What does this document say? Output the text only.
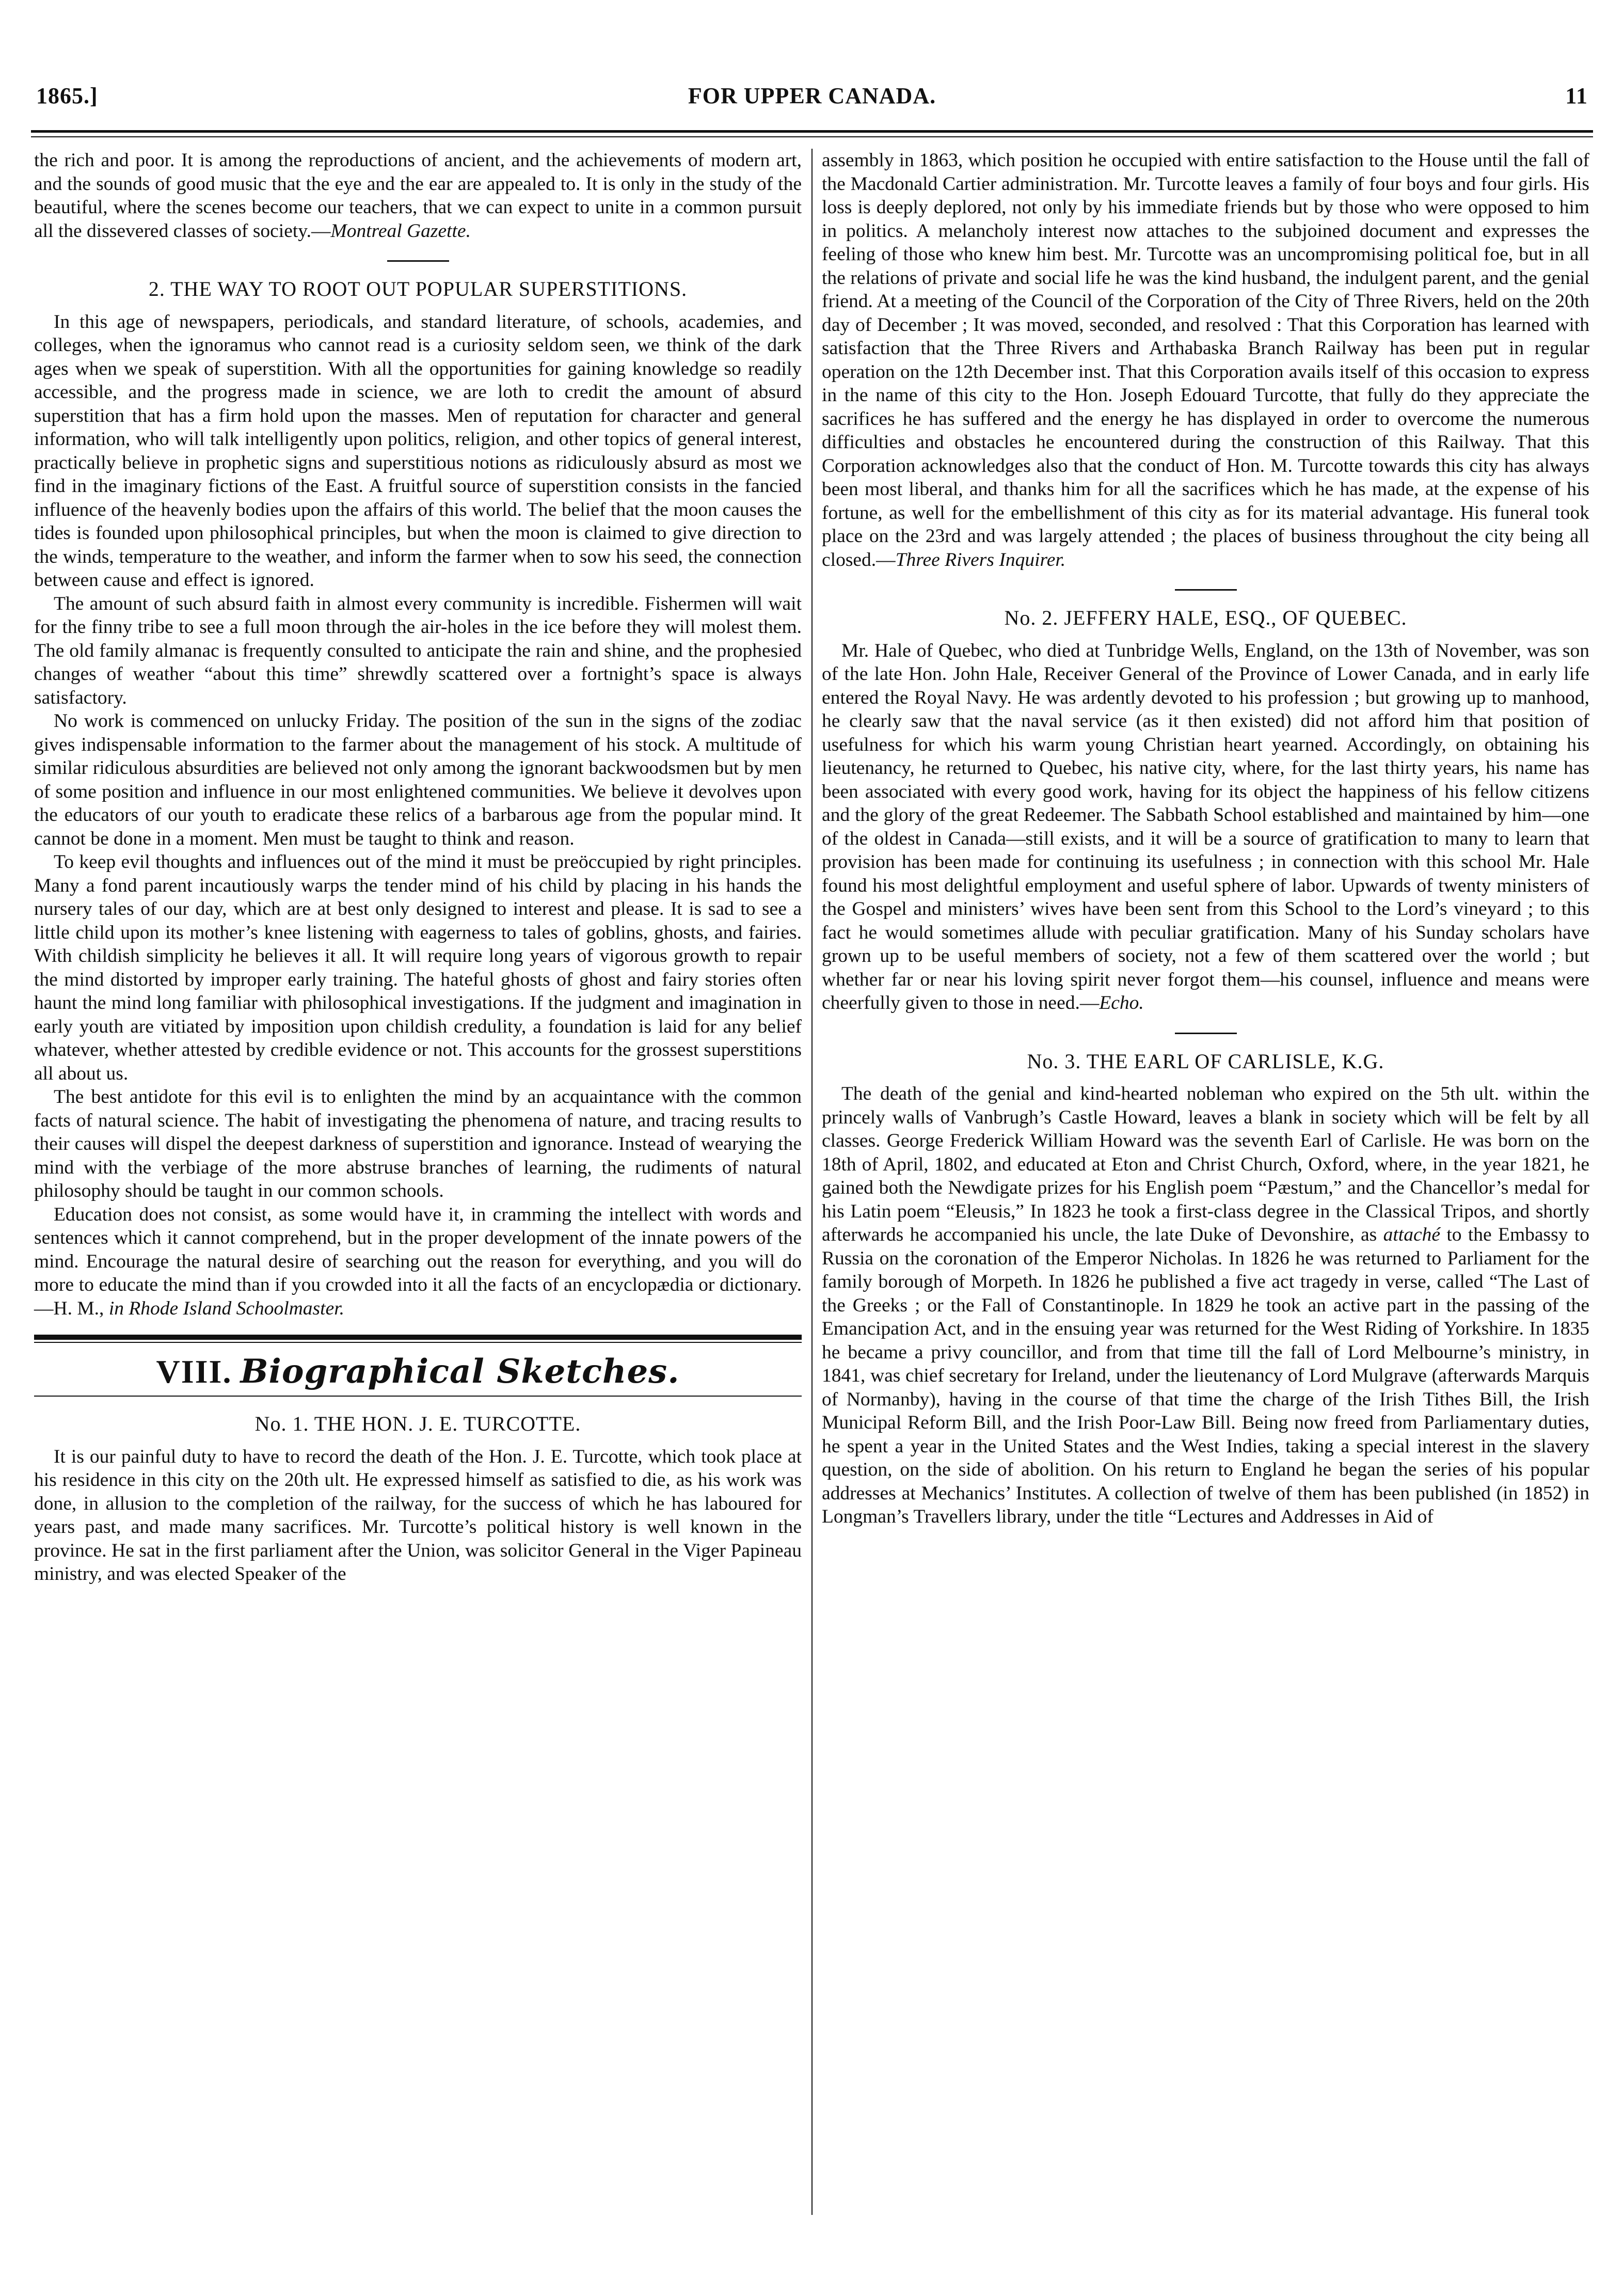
1865.]	FOR UPPER CANADA.	11

the rich and poor. It is among the reproductions of ancient, and the achievements of modern art, and the sounds of good music that the eye and the ear are appealed to. It is only in the study of the beautiful, where the scenes become our teachers, that we can expect to unite in a common pursuit all the dissevered classes of society.—Montreal Gazette.

2. THE WAY TO ROOT OUT POPULAR SUPERSTITIONS.

In this age of newspapers, periodicals, and standard literature, of schools, academies, and colleges, when the ignoramus who cannot read is a curiosity seldom seen, we think of the dark ages when we speak of superstition. With all the opportunities for gaining knowledge so readily accessible, and the progress made in science, we are loth to credit the amount of absurd superstition that has a firm hold upon the masses. Men of reputation for character and general information, who will talk intelligently upon politics, religion, and other topics of general interest, practically believe in prophetic signs and superstitious notions as ridiculously absurd as most we find in the imaginary fictions of the East. A fruitful source of superstition consists in the fancied influence of the heavenly bodies upon the affairs of this world. The belief that the moon causes the tides is founded upon philosophical principles, but when the moon is claimed to give direction to the winds, temperature to the weather, and inform the farmer when to sow his seed, the connection between cause and effect is ignored.

The amount of such absurd faith in almost every community is incredible. Fishermen will wait for the finny tribe to see a full moon through the air-holes in the ice before they will molest them. The old family almanac is frequently consulted to anticipate the rain and shine, and the prophesied changes of weather “about this time” shrewdly scattered over a fortnight’s space is always satisfactory.

No work is commenced on unlucky Friday. The position of the sun in the signs of the zodiac gives indispensable information to the farmer about the management of his stock. A multitude of similar ridiculous absurdities are believed not only among the ignorant backwoodsmen but by men of some position and influence in our most enlightened communities. We believe it devolves upon the educators of our youth to eradicate these relics of a barbarous age from the popular mind. It cannot be done in a moment. Men must be taught to think and reason.

To keep evil thoughts and influences out of the mind it must be preöccupied by right principles. Many a fond parent incautiously warps the tender mind of his child by placing in his hands the nursery tales of our day, which are at best only designed to interest and please. It is sad to see a little child upon its mother’s knee listening with eagerness to tales of goblins, ghosts, and fairies. With childish simplicity he believes it all. It will require long years of vigorous growth to repair the mind distorted by improper early training. The hateful ghosts of ghost and fairy stories often haunt the mind long familiar with philosophical investigations. If the judgment and imagination in early youth are vitiated by imposition upon childish credulity, a foundation is laid for any belief whatever, whether attested by credible evidence or not. This accounts for the grossest superstitions all about us.

The best antidote for this evil is to enlighten the mind by an acquaintance with the common facts of natural science. The habit of investigating the phenomena of nature, and tracing results to their causes will dispel the deepest darkness of superstition and ignorance. Instead of wearying the mind with the verbiage of the more abstruse branches of learning, the rudiments of natural philosophy should be taught in our common schools.

Education does not consist, as some would have it, in cramming the intellect with words and sentences which it cannot comprehend, but in the proper development of the innate powers of the mind. Encourage the natural desire of searching out the reason for everything, and you will do more to educate the mind than if you crowded into it all the facts of an encyclopædia or dictionary.—H. M., in Rhode Island Schoolmaster.

VIII. Biographical Sketches.
No. 1. THE HON. J. E. TURCOTTE.

It is our painful duty to have to record the death of the Hon. J. E. Turcotte, which took place at his residence in this city on the 20th ult. He expressed himself as satisfied to die, as his work was done, in allusion to the completion of the railway, for the success of which he has laboured for years past, and made many sacrifices. Mr. Turcotte’s political history is well known in the province. He sat in the first parliament after the Union, was solicitor General in the Viger Papineau ministry, and was elected Speaker of the

assembly in 1863, which position he occupied with entire satisfaction to the House until the fall of the Macdonald Cartier administration. Mr. Turcotte leaves a family of four boys and four girls. His loss is deeply deplored, not only by his immediate friends but by those who were opposed to him in politics. A melancholy interest now attaches to the subjoined document and expresses the feeling of those who knew him best. Mr. Turcotte was an uncompromising political foe, but in all the relations of private and social life he was the kind husband, the indulgent parent, and the genial friend. At a meeting of the Council of the Corporation of the City of Three Rivers, held on the 20th day of December ; It was moved, seconded, and resolved : That this Corporation has learned with satisfaction that the Three Rivers and Arthabaska Branch Railway has been put in regular operation on the 12th December inst. That this Corporation avails itself of this occasion to express in the name of this city to the Hon. Joseph Edouard Turcotte, that fully do they appreciate the sacrifices he has suffered and the energy he has displayed in order to overcome the numerous difficulties and obstacles he encountered during the construction of this Railway. That this Corporation acknowledges also that the conduct of Hon. M. Turcotte towards this city has always been most liberal, and thanks him for all the sacrifices which he has made, at the expense of his fortune, as well for the embellishment of this city as for its material advantage. His funeral took place on the 23rd and was largely attended ; the places of business throughout the city being all closed.—Three Rivers Inquirer.

No. 2. JEFFERY HALE, ESQ., OF QUEBEC.

Mr. Hale of Quebec, who died at Tunbridge Wells, England, on the 13th of November, was son of the late Hon. John Hale, Receiver General of the Province of Lower Canada, and in early life entered the Royal Navy. He was ardently devoted to his profession ; but growing up to manhood, he clearly saw that the naval service (as it then existed) did not afford him that position of usefulness for which his warm young Christian heart yearned. Accordingly, on obtaining his lieutenancy, he returned to Quebec, his native city, where, for the last thirty years, his name has been associated with every good work, having for its object the happiness of his fellow citizens and the glory of the great Redeemer. The Sabbath School established and maintained by him—one of the oldest in Canada—still exists, and it will be a source of gratification to many to learn that provision has been made for continuing its usefulness ; in connection with this school Mr. Hale found his most delightful employment and useful sphere of labor. Upwards of twenty ministers of the Gospel and ministers’ wives have been sent from this School to the Lord’s vineyard ; to this fact he would sometimes allude with peculiar gratification. Many of his Sunday scholars have grown up to be useful members of society, not a few of them scattered over the world ; but whether far or near his loving spirit never forgot them—his counsel, influence and means were cheerfully given to those in need.—Echo.

No. 3. THE EARL OF CARLISLE, K.G.

The death of the genial and kind-hearted nobleman who expired on the 5th ult. within the princely walls of Vanbrugh’s Castle Howard, leaves a blank in society which will be felt by all classes. George Frederick William Howard was the seventh Earl of Carlisle. He was born on the 18th of April, 1802, and educated at Eton and Christ Church, Oxford, where, in the year 1821, he gained both the Newdigate prizes for his English poem “Pæstum,” and the Chancellor’s medal for his Latin poem “Eleusis,” In 1823 he took a first-class degree in the Classical Tripos, and shortly afterwards he accompanied his uncle, the late Duke of Devonshire, as attaché to the Embassy to Russia on the coronation of the Emperor Nicholas. In 1826 he was returned to Parliament for the family borough of Morpeth. In 1826 he published a five act tragedy in verse, called “The Last of the Greeks ; or the Fall of Constantinople. In 1829 he took an active part in the passing of the Emancipation Act, and in the ensuing year was returned for the West Riding of Yorkshire. In 1835 he became a privy councillor, and from that time till the fall of Lord Melbourne’s ministry, in 1841, was chief secretary for Ireland, under the lieutenancy of Lord Mulgrave (afterwards Marquis of Normanby), having in the course of that time the charge of the Irish Tithes Bill, the Irish Municipal Reform Bill, and the Irish Poor-Law Bill. Being now freed from Parliamentary duties, he spent a year in the United States and the West Indies, taking a special interest in the slavery question, on the side of abolition. On his return to England he began the series of his popular addresses at Mechanics’ Institutes. A collection of twelve of them has been published (in 1852) in Longman’s Travellers library, under the title “Lectures and Addresses in Aid of
